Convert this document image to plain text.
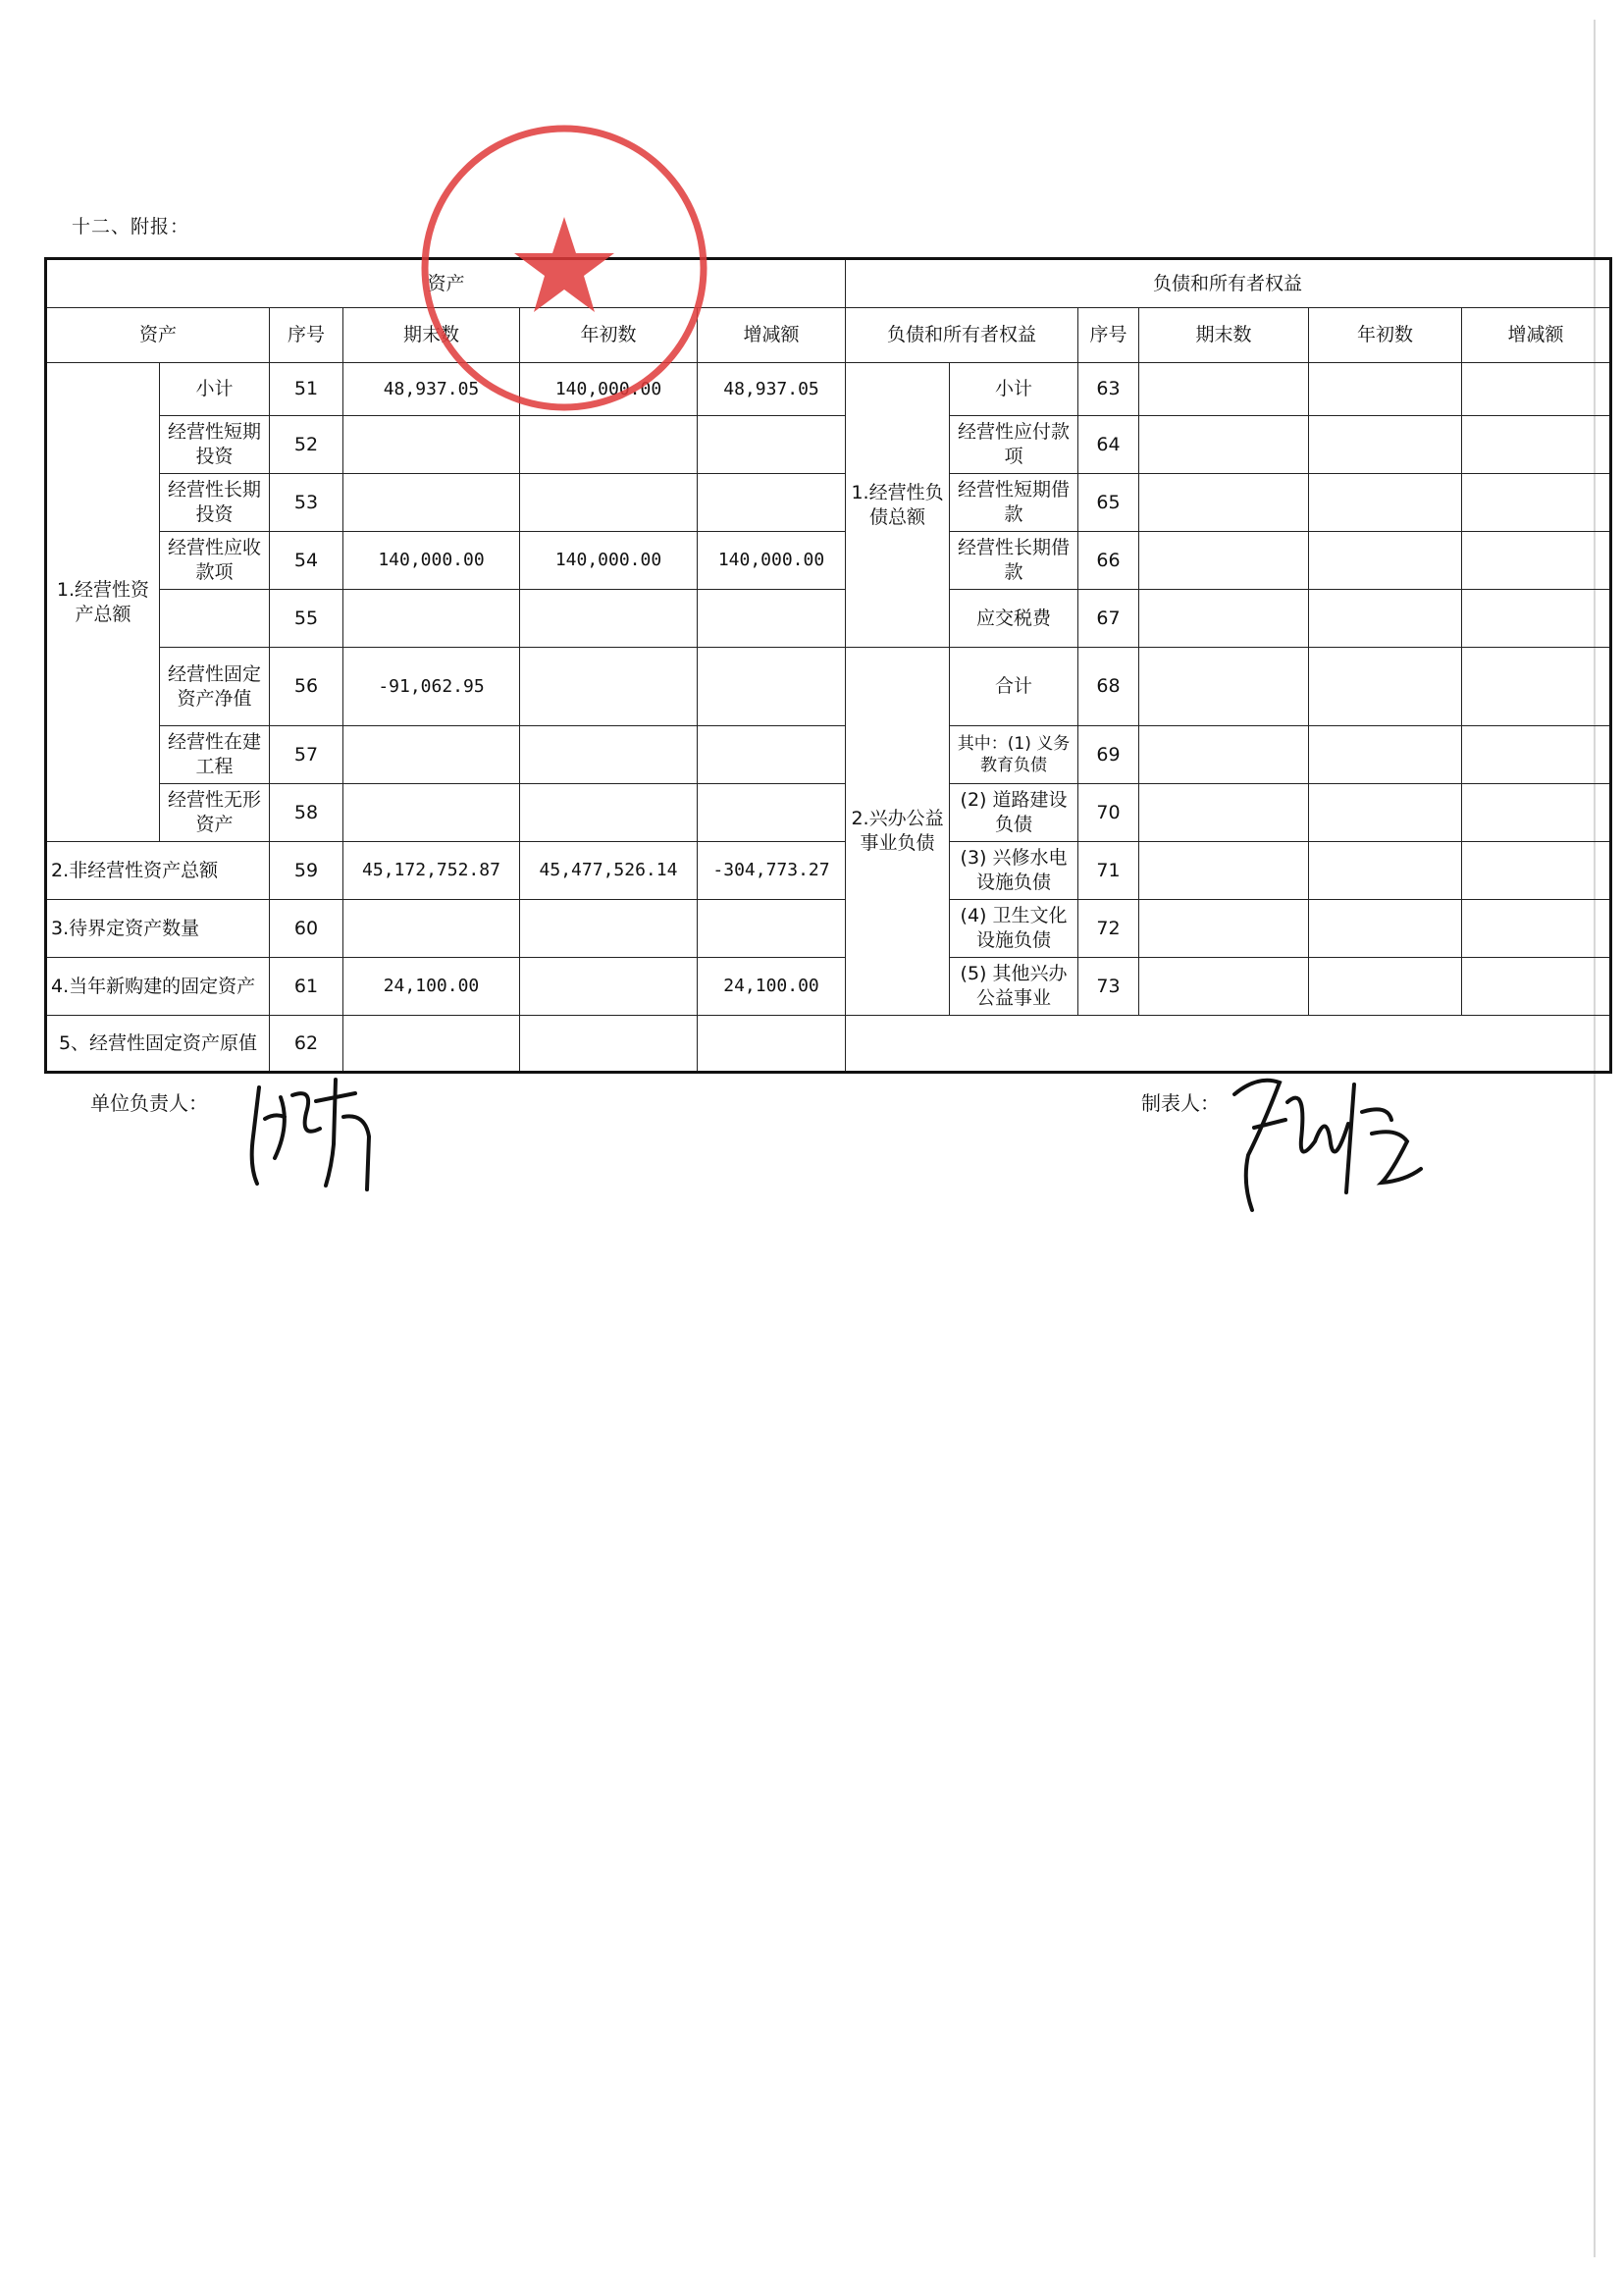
十二、附报：
资产						负债和所有者权益					
资产		序号	期末数	年初数	增减额	负债和所有者权益		序号	期末数	年初数	增减额
1.经营性资产总额	小计	51	48,937.05	140,000.00	48,937.05	1.经营性负债总额	小计	63			
	经营性短期投资	52					经营性应付款项	64			
	经营性长期投资	53					经营性短期借款	65			
	经营性应收款项	54	140,000.00	140,000.00	140,000.00		经营性长期借款	66			
		55					应交税费	67			
	经营性固定资产净值	56	-91,062.95			2.兴办公益事业负债	合计	68			
	经营性在建工程	57					其中：(1) 义务教育负债	69			
	经营性无形资产	58					(2) 道路建设负债	70			
2.非经营性资产总额		59	45,172,752.87	45,477,526.14	-304,773.27		(3) 兴修水电设施负债	71			
3.待界定资产数量		60					(4) 卫生文化设施负债	72			
4.当年新购建的固定资产		61	24,100.00		24,100.00		(5) 其他兴办公益事业	73			
5、经营性固定资产原值		62									
单位负责人：	制表人：
